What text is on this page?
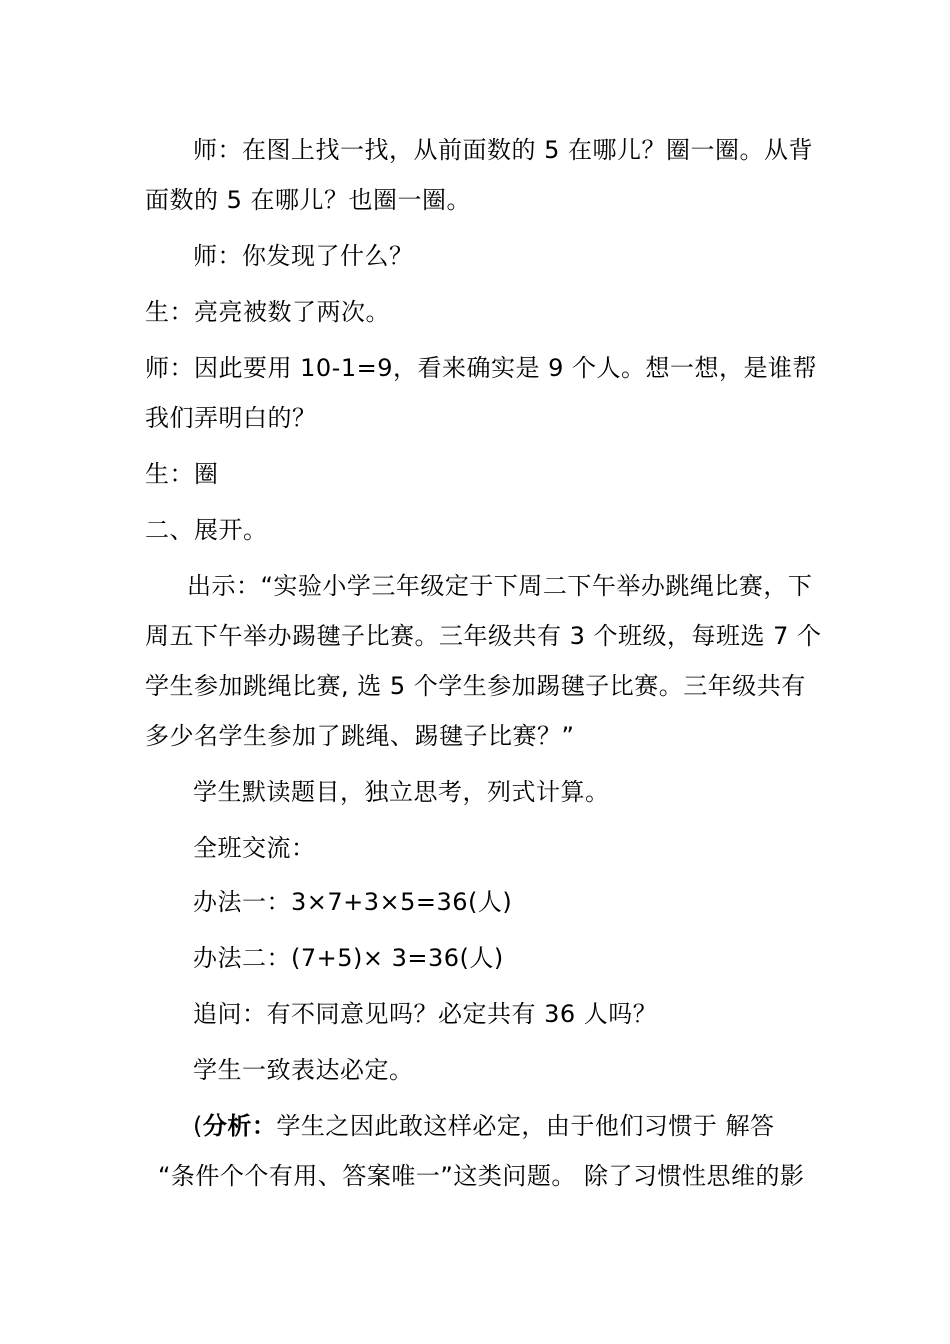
师：在图上找一找，从前面数的 5 在哪儿？圈一圈。从背
面数的 5 在哪儿？也圈一圈。
师：你发现了什么？
生：亮亮被数了两次。
师：因此要用 10-1=9，看来确实是 9 个人。想一想，是谁帮
我们弄明白的？
生：圈
二、展开。
出示：“实验小学三年级定于下周二下午举办跳绳比赛，下
周五下午举办踢毽子比赛。三年级共有 3 个班级，每班选 7 个
学生参加跳绳比赛, 选 5 个学生参加踢毽子比赛。三年级共有
多少名学生参加了跳绳、踢毽子比赛？”
学生默读题目，独立思考，列式计算。
全班交流：
办法一：3×7+3×5=36(人)
办法二：(7+5)× 3=36(人)
追问：有不同意见吗？必定共有 36 人吗？
学生一致表达必定。
(分析：学生之因此敢这样必定，由于他们习惯于 解答
“条件个个有用、答案唯一”这类问题。 除了习惯性思维的影
